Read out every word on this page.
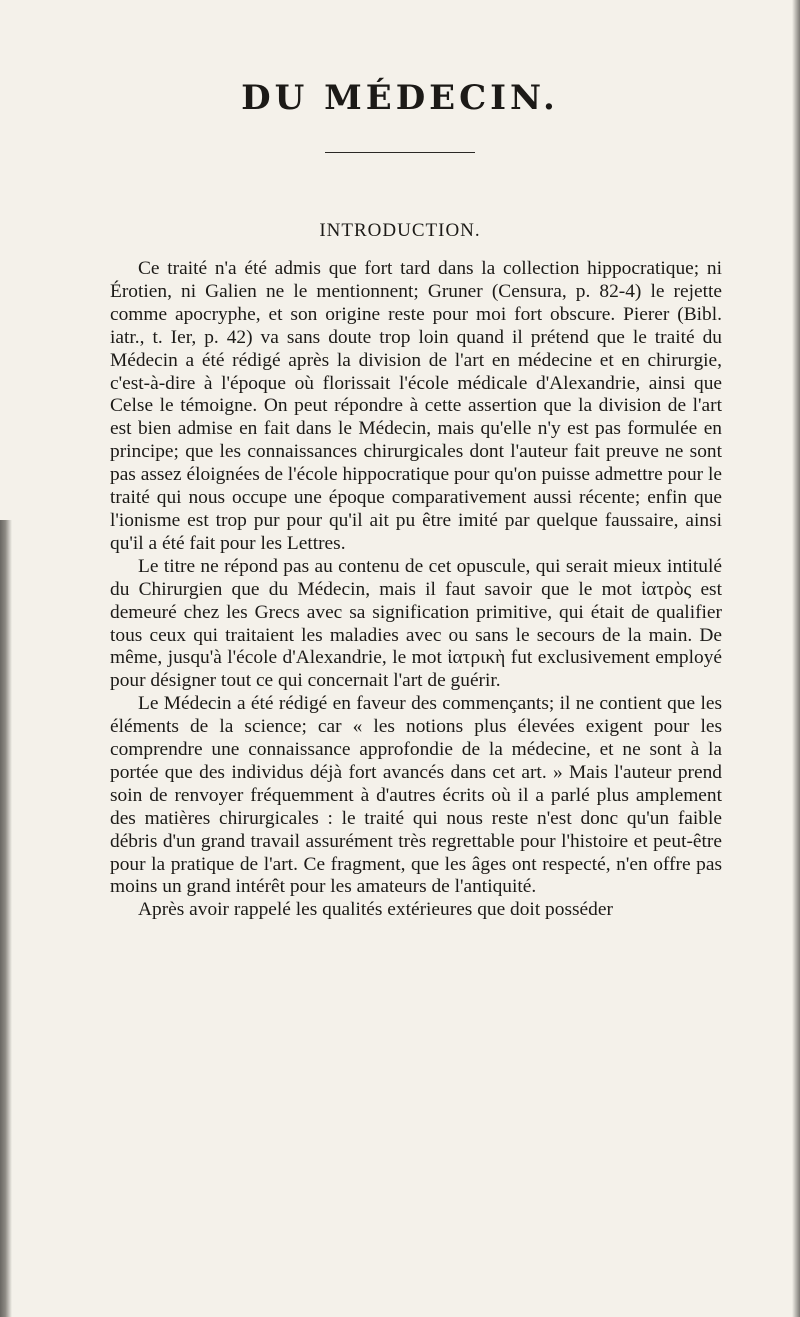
DU MÉDECIN.
INTRODUCTION.

Ce traité n'a été admis que fort tard dans la collection hippocratique; ni Érotien, ni Galien ne le mentionnent; Gruner (Censura, p. 82-4) le rejette comme apocryphe, et son origine reste pour moi fort obscure. Pierer (Bibl. iatr., t. Ier, p. 42) va sans doute trop loin quand il prétend que le traité du Médecin a été rédigé après la division de l'art en médecine et en chirurgie, c'est-à-dire à l'époque où florissait l'école médicale d'Alexandrie, ainsi que Celse le témoigne. On peut répondre à cette assertion que la division de l'art est bien admise en fait dans le Médecin, mais qu'elle n'y est pas formulée en principe; que les connaissances chirurgicales dont l'auteur fait preuve ne sont pas assez éloignées de l'école hippocratique pour qu'on puisse admettre pour le traité qui nous occupe une époque comparativement aussi récente; enfin que l'ionisme est trop pur pour qu'il ait pu être imité par quelque faussaire, ainsi qu'il a été fait pour les Lettres.

Le titre ne répond pas au contenu de cet opuscule, qui serait mieux intitulé du Chirurgien que du Médecin, mais il faut savoir que le mot ἰατρὸς est demeuré chez les Grecs avec sa signification primitive, qui était de qualifier tous ceux qui traitaient les maladies avec ou sans le secours de la main. De même, jusqu'à l'école d'Alexandrie, le mot ἰατρικὴ fut exclusivement employé pour désigner tout ce qui concernait l'art de guérir.

Le Médecin a été rédigé en faveur des commençants; il ne contient que les éléments de la science; car « les notions plus élevées exigent pour les comprendre une connaissance approfondie de la médecine, et ne sont à la portée que des individus déjà fort avancés dans cet art. » Mais l'auteur prend soin de renvoyer fréquemment à d'autres écrits où il a parlé plus amplement des matières chirurgicales : le traité qui nous reste n'est donc qu'un faible débris d'un grand travail assurément très regrettable pour l'histoire et peut-être pour la pratique de l'art. Ce fragment, que les âges ont respecté, n'en offre pas moins un grand intérêt pour les amateurs de l'antiquité.

Après avoir rappelé les qualités extérieures que doit posséder
